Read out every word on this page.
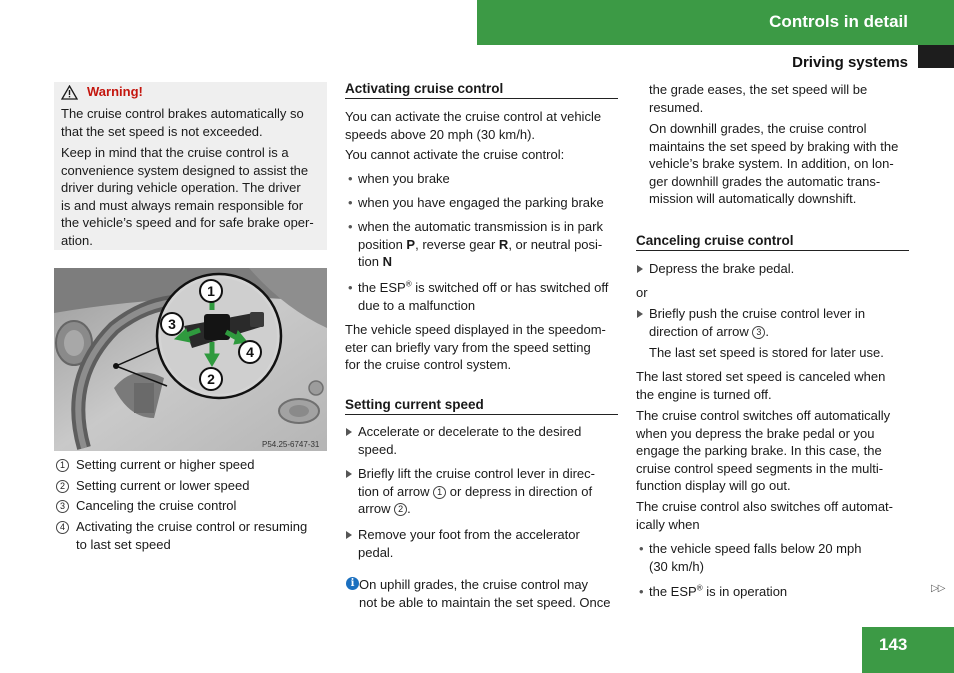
Controls in detail
Driving systems
Warning!
The cruise control brakes automatically so
that the set speed is not exceeded.
Keep in mind that the cruise control is a
convenience system designed to assist the
driver during vehicle operation. The driver
is and must always remain responsible for
the vehicle’s speed and for safe brake oper-
ation.
1
3
4
2
P54.25-6747-31
1 Setting current or higher speed
2 Setting current or lower speed
3 Canceling the cruise control
4 Activating the cruise control or resuming
to last set speed
Activating cruise control
You can activate the cruise control at vehicle
speeds above 20 mph (30 km/h).
You cannot activate the cruise control:
• when you brake
• when you have engaged the parking brake
• when the automatic transmission is in park
position P, reverse gear R, or neutral posi-
tion N
• the ESP® is switched off or has switched off
due to a malfunction
The vehicle speed displayed in the speedom-
eter can briefly vary from the speed setting
for the cruise control system.
Setting current speed
Accelerate or decelerate to the desired
speed.
Briefly lift the cruise control lever in direc-
tion of arrow 1 or depress in direction of
arrow 2 .
Remove your foot from the accelerator
pedal.
i On uphill grades, the cruise control may
not be able to maintain the set speed. Once
the grade eases, the set speed will be
resumed.
On downhill grades, the cruise control
maintains the set speed by braking with the
vehicle’s brake system. In addition, on lon-
ger downhill grades the automatic trans-
mission will automatically downshift.
Canceling cruise control
Depress the brake pedal.
or
Briefly push the cruise control lever in
direction of arrow 3 .
The last set speed is stored for later use.
The last stored set speed is canceled when
the engine is turned off.
The cruise control switches off automatically
when you depress the brake pedal or you
engage the parking brake. In this case, the
cruise control speed segments in the multi-
function display will go out.
The cruise control also switches off automat-
ically when
• the vehicle speed falls below 20 mph
(30 km/h)
• the ESP® is in operation	▷▷
143
